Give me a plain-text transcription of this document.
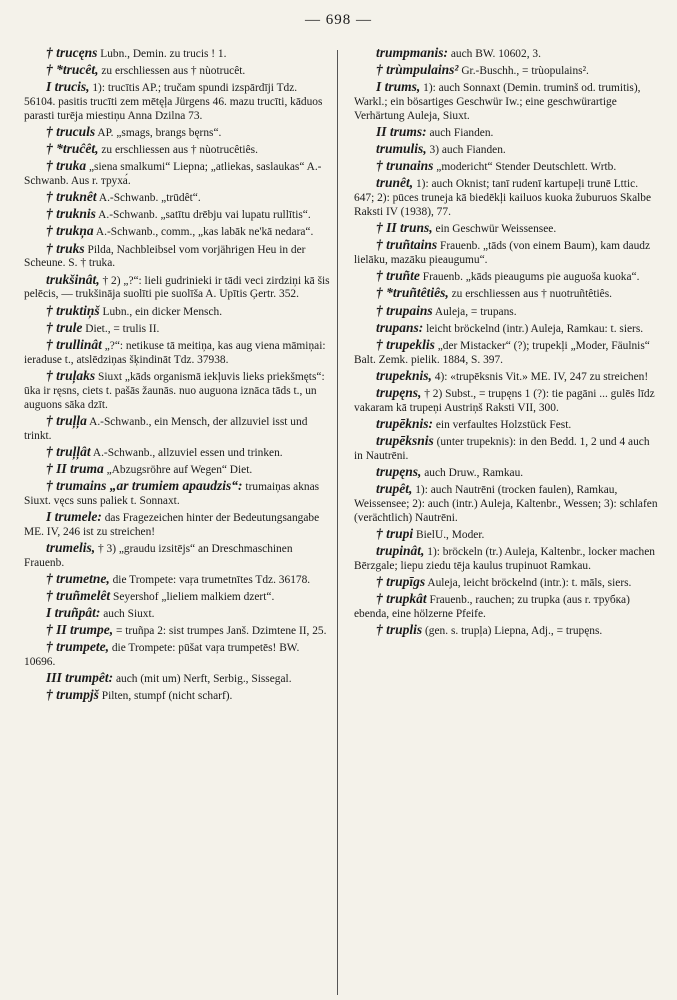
— 698 —
† trucęns Lubn., Demin. zu trucis ! 1.
† *trucêt, zu erschliessen aus † nùotrucêt.
I trucis, 1): trucītis AP.; tručam spundi izspārdīji Tdz. 56104. pasitis trucīti zem mētęļa Jürgens 46. mazu trucīti, kāduos parasti turēja miestiņu Anna Dzilna 73.
† truculs AP. „smags, brangs bęrns“.
† *truĉêt, zu erschliessen aus † nùotrucêtiês.
† truka „siena smalkumi“ Liepna; „atliekas, saslaukas“ A.-Schwanb. Aus r. труха́.
† truknêt A.-Schwanb. „trūdêt“.
† truknis A.-Schwanb. „satītu drēbju vai lupatu rullītis“.
† trukņa A.-Schwanb., comm., „kas labāk ne'kā nedara“.
† truks Pilda, Nachbleibsel vom vorjährigen Heu in der Scheune. S. † truka.
trukšinât, † 2) „?“: lieli gudrinieki ir tādi veci zirdziņi kā šis pelēcis, — trukšināja suolīti pie suolīša A. Upītis Ģertr. 352.
† truktiņš Lubn., ein dicker Mensch.
† trule Diet., = trulis II.
† trullinât „?“: netikuse tā meitiņa, kas aug viena māmiņai: ieraduse t., atslēdziņas šķindināt Tdz. 37938.
† truļaks Siuxt „kāds organismā iekļuvis lieks priekšmęts“: ūka ir ręsns, ciets t. pašās žaunās. nuo auguona iznāca tāds t., un auguons sāka dzīt.
† truļļa A.-Schwanb., ein Mensch, der allzuviel isst und trinkt.
† truļļât A.-Schwanb., allzuviel essen und trinken.
† II truma „Abzugsröhre auf Wegen“ Diet.
† trumains „ar trumiem apaudzis“: trumaiņas aknas Siuxt. vęcs suns paliek t. Sonnaxt.
I trumele: das Fragezeichen hinter der Bedeutungsangabe ME. IV, 246 ist zu streichen!
trumelis, † 3) „graudu izsitējs“ an Dreschmaschinen Frauenb.
† trumetne, die Trompete: vaŗa trumetnītes Tdz. 36178.
† truñmelêt Seyershof „lieliem malkiem dzert“.
I truñpât: auch Siuxt.
† II trumpe, = truñpa 2: sist trumpes Janš. Dzimtene II, 25.
† trumpete, die Trompete: pūšat vaŗa trumpetēs! BW. 10696.
III trumpêt: auch (mit um) Nerft, Serbig., Sissegal.
† trumpjš Pilten, stumpf (nicht scharf).
trumpmanis: auch BW. 10602, 3.
† trùmpulains² Gr.-Buschh., = trùopulains².
I trums, 1): auch Sonnaxt (Demin. truminš od. trumitis), Warkl.; ein bösartiges Geschwür Iw.; eine geschwürartige Verhärtung Auleja, Siuxt.
II trums: auch Fianden.
trumulis, 3) auch Fianden.
† trunains „modericht“ Stender Deutschlett. Wrtb.
trunêt, 1): auch Oknist; tanī rudenī kartupeļi trunē Lttic. 647; 2): pūces truneja kā biedēkļi kailuos kuoka žuburuos Skalbe Raksti IV (1938), 77.
† II truns, ein Geschwür Weissensee.
† truñtains Frauenb. „tāds (von einem Baum), kam daudz lielāku, mazāku pieaugumu“.
† truñte Frauenb. „kāds pieaugums pie auguoša kuoka“.
† *truñtêtiês, zu erschliessen aus † nuotruñtêtiês.
† trupains Auleja, = trupans.
trupans: leicht bröckelnd (intr.) Auleja, Ramkau: t. siers.
† trupeklis „der Mistacker“ (?); trupekļi „Moder, Fäulnis“ Balt. Zemk. pielik. 1884, S. 397.
trupeknis, 4): «trupēksnis Vit.» ME. IV, 247 zu streichen!
trupęns, † 2) Subst., = trupęns 1 (?): tie pagāni ... gulēs līdz vakaram kā trupeņi Austriņš Raksti VII, 300.
trupēknis: ein verfaultes Holzstück Fest.
trupēksnis (unter trupeknis): in den Bedd. 1, 2 und 4 auch in Nautrēni.
trupęns, auch Druw., Ramkau.
trupêt, 1): auch Nautrēni (trocken faulen), Ramkau, Weissensee; 2): auch (intr.) Auleja, Kaltenbr., Wessen; 3): schlafen (verächtlich) Nautrēni.
† trupi BielU., Moder.
trupinât, 1): bröckeln (tr.) Auleja, Kaltenbr., locker machen Bērzgale; liepu ziedu tēja kaulus trupinuot Ramkau.
† trupīgs Auleja, leicht bröckelnd (intr.): t. māls, siers.
† trupkât Frauenb., rauchen; zu trupka (aus r. трубка) ebenda, eine hölzerne Pfeife.
† truplis (gen. s. trupļa) Liepna, Adj., = trupęns.
